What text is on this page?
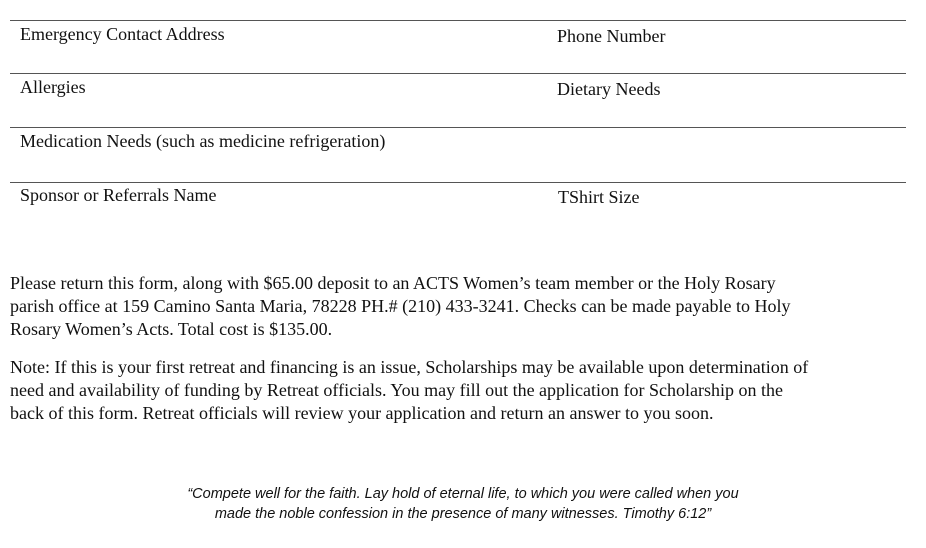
Emergency Contact Address	Phone Number
Allergies	Dietary Needs
Medication Needs (such as medicine refrigeration)
Sponsor or Referrals Name	TShirt Size
Please return this form, along with $65.00 deposit to an ACTS Women’s team member or the Holy Rosary
parish office at 159 Camino Santa Maria, 78228 PH.# (210) 433-3241. Checks can be made payable to Holy
Rosary Women’s Acts. Total cost is $135.00.
Note: If this is your first retreat and financing is an issue, Scholarships may be available upon determination of
need and availability of funding by Retreat officials. You may fill out the application for Scholarship on the
back of this form. Retreat officials will review your application and return an answer to you soon.
“Compete well for the faith. Lay hold of eternal life, to which you were called when you
made the noble confession in the presence of many witnesses. Timothy 6:12”
